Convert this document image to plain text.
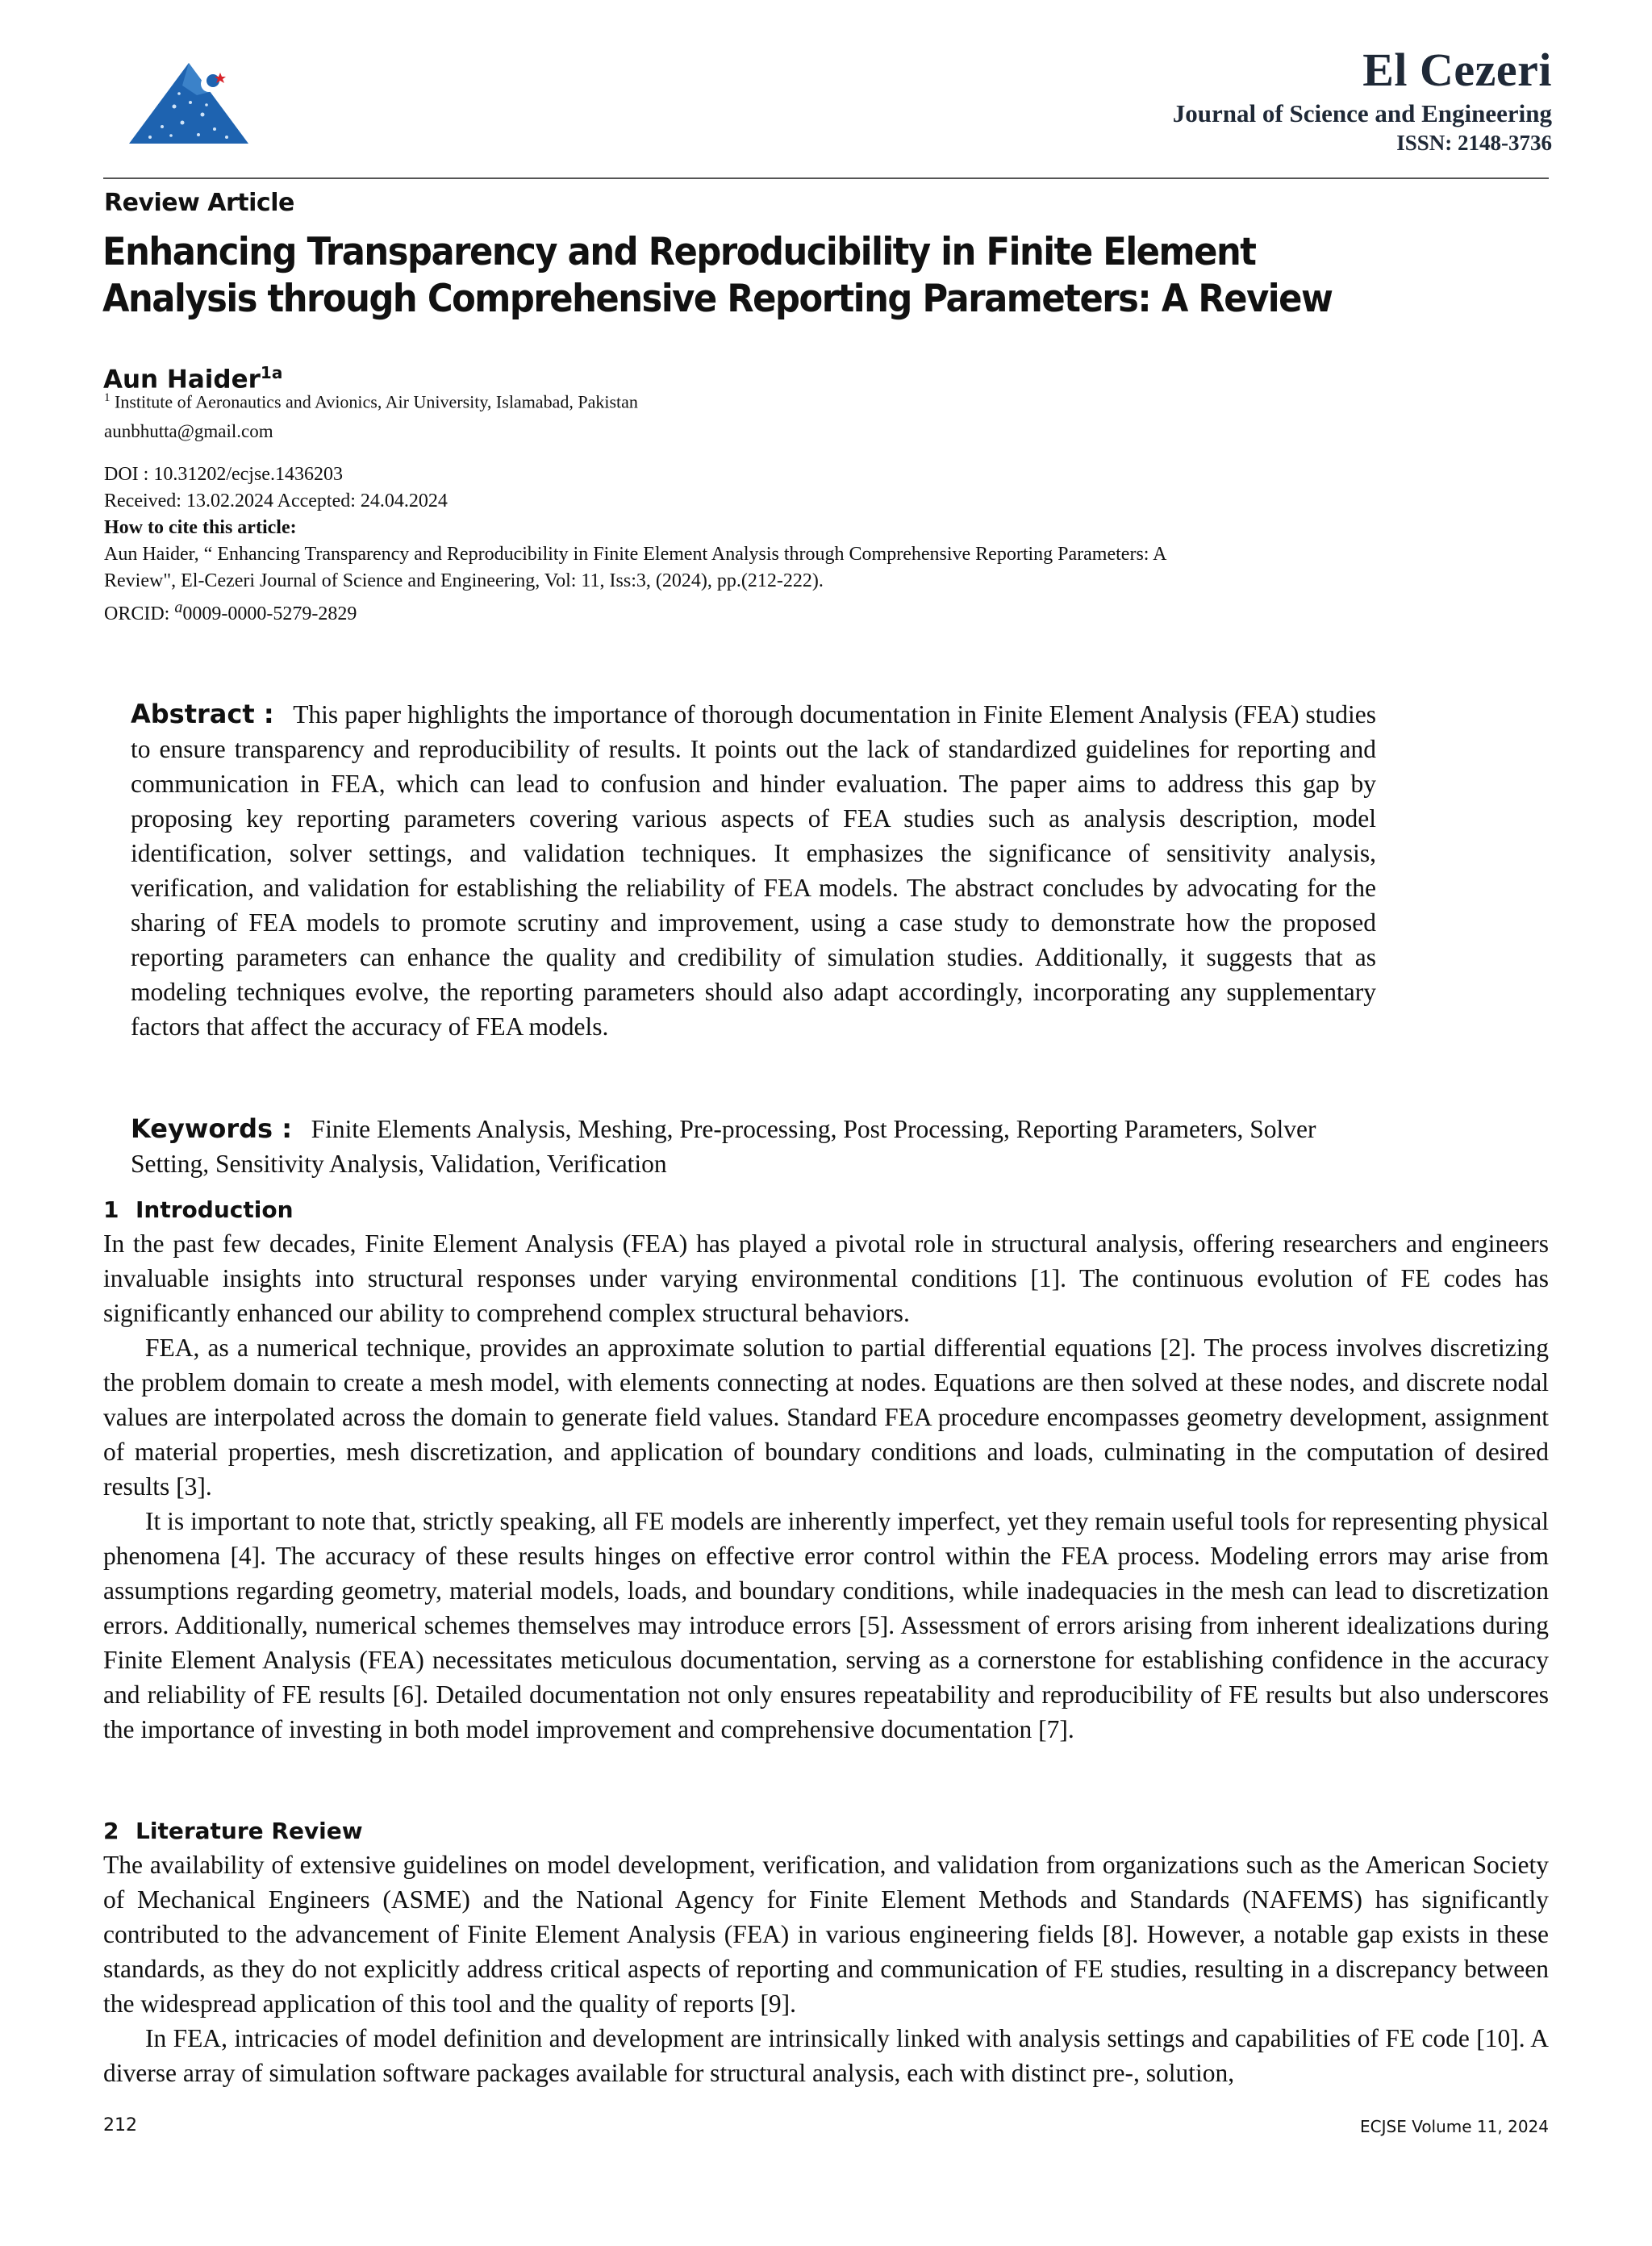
El Cezeri
Journal of Science and Engineering
ISSN: 2148-3736
Review Article
Enhancing Transparency and Reproducibility in Finite Element
Analysis through Comprehensive Reporting Parameters: A Review
Aun Haider$^{1a}$
$^1$ Institute of Aeronautics and Avionics, Air University, Islamabad, Pakistan
aunbhutta@gmail.com
DOI : 10.31202/ecjse.1436203
Received: 13.02.2024 Accepted: 24.04.2024
How to cite this article:
Aun Haider, “ Enhancing Transparency and Reproducibility in Finite Element Analysis through Comprehensive Reporting Parameters: A
Review", El-Cezeri Journal of Science and Engineering, Vol: 11, Iss:3, (2024), pp.(212-222).
ORCID: $^a$0009-0000-5279-2829
Abstract : This paper highlights the importance of thorough documentation in Finite Element Analysis (FEA) studies to ensure transparency and reproducibility of results. It points out the lack of standardized guidelines for reporting and communication in FEA, which can lead to confusion and hinder evaluation. The paper aims to address this gap by proposing key reporting parameters covering various aspects of FEA studies such as analysis description, model identification, solver settings, and validation techniques. It emphasizes the significance of sensitivity analysis, verification, and validation for establishing the reliability of FEA models. The abstract concludes by advocating for the sharing of FEA models to promote scrutiny and improvement, using a case study to demonstrate how the proposed reporting parameters can enhance the quality and credibility of simulation studies. Additionally, it suggests that as modeling techniques evolve, the reporting parameters should also adapt accordingly, incorporating any supplementary factors that affect the accuracy of FEA models.
Keywords : Finite Elements Analysis, Meshing, Pre-processing, Post Processing, Reporting Parameters, Solver Setting, Sensitivity Analysis, Validation, Verification
1 Introduction

In the past few decades, Finite Element Analysis (FEA) has played a pivotal role in structural analysis, offering researchers and engineers invaluable insights into structural responses under varying environmental conditions [1]. The continuous evolution of FE codes has significantly enhanced our ability to comprehend complex structural behaviors.

FEA, as a numerical technique, provides an approximate solution to partial differential equations [2]. The process involves discretizing the problem domain to create a mesh model, with elements connecting at nodes. Equations are then solved at these nodes, and discrete nodal values are interpolated across the domain to generate field values. Standard FEA procedure encompasses geometry development, assignment of material properties, mesh discretization, and application of boundary conditions and loads, culminating in the computation of desired results [3].

It is important to note that, strictly speaking, all FE models are inherently imperfect, yet they remain useful tools for representing physical phenomena [4]. The accuracy of these results hinges on effective error control within the FEA process. Modeling errors may arise from assumptions regarding geometry, material models, loads, and boundary conditions, while inadequacies in the mesh can lead to discretization errors. Additionally, numerical schemes themselves may introduce errors [5]. Assessment of errors arising from inherent idealizations during Finite Element Analysis (FEA) necessitates meticulous documentation, serving as a cornerstone for establishing confidence in the accuracy and reliability of FE results [6]. Detailed documentation not only ensures repeatability and reproducibility of FE results but also underscores the importance of investing in both model improvement and comprehensive documentation [7].

2 Literature Review

The availability of extensive guidelines on model development, verification, and validation from organizations such as the American Society of Mechanical Engineers (ASME) and the National Agency for Finite Element Methods and Standards (NAFEMS) has significantly contributed to the advancement of Finite Element Analysis (FEA) in various engineering fields [8]. However, a notable gap exists in these standards, as they do not explicitly address critical aspects of reporting and communication of FE studies, resulting in a discrepancy between the widespread application of this tool and the quality of reports [9].

In FEA, intricacies of model definition and development are intrinsically linked with analysis settings and capabilities of FE code [10]. A diverse array of simulation software packages available for structural analysis, each with distinct pre-, solution,

212	ECJSE Volume 11, 2024
